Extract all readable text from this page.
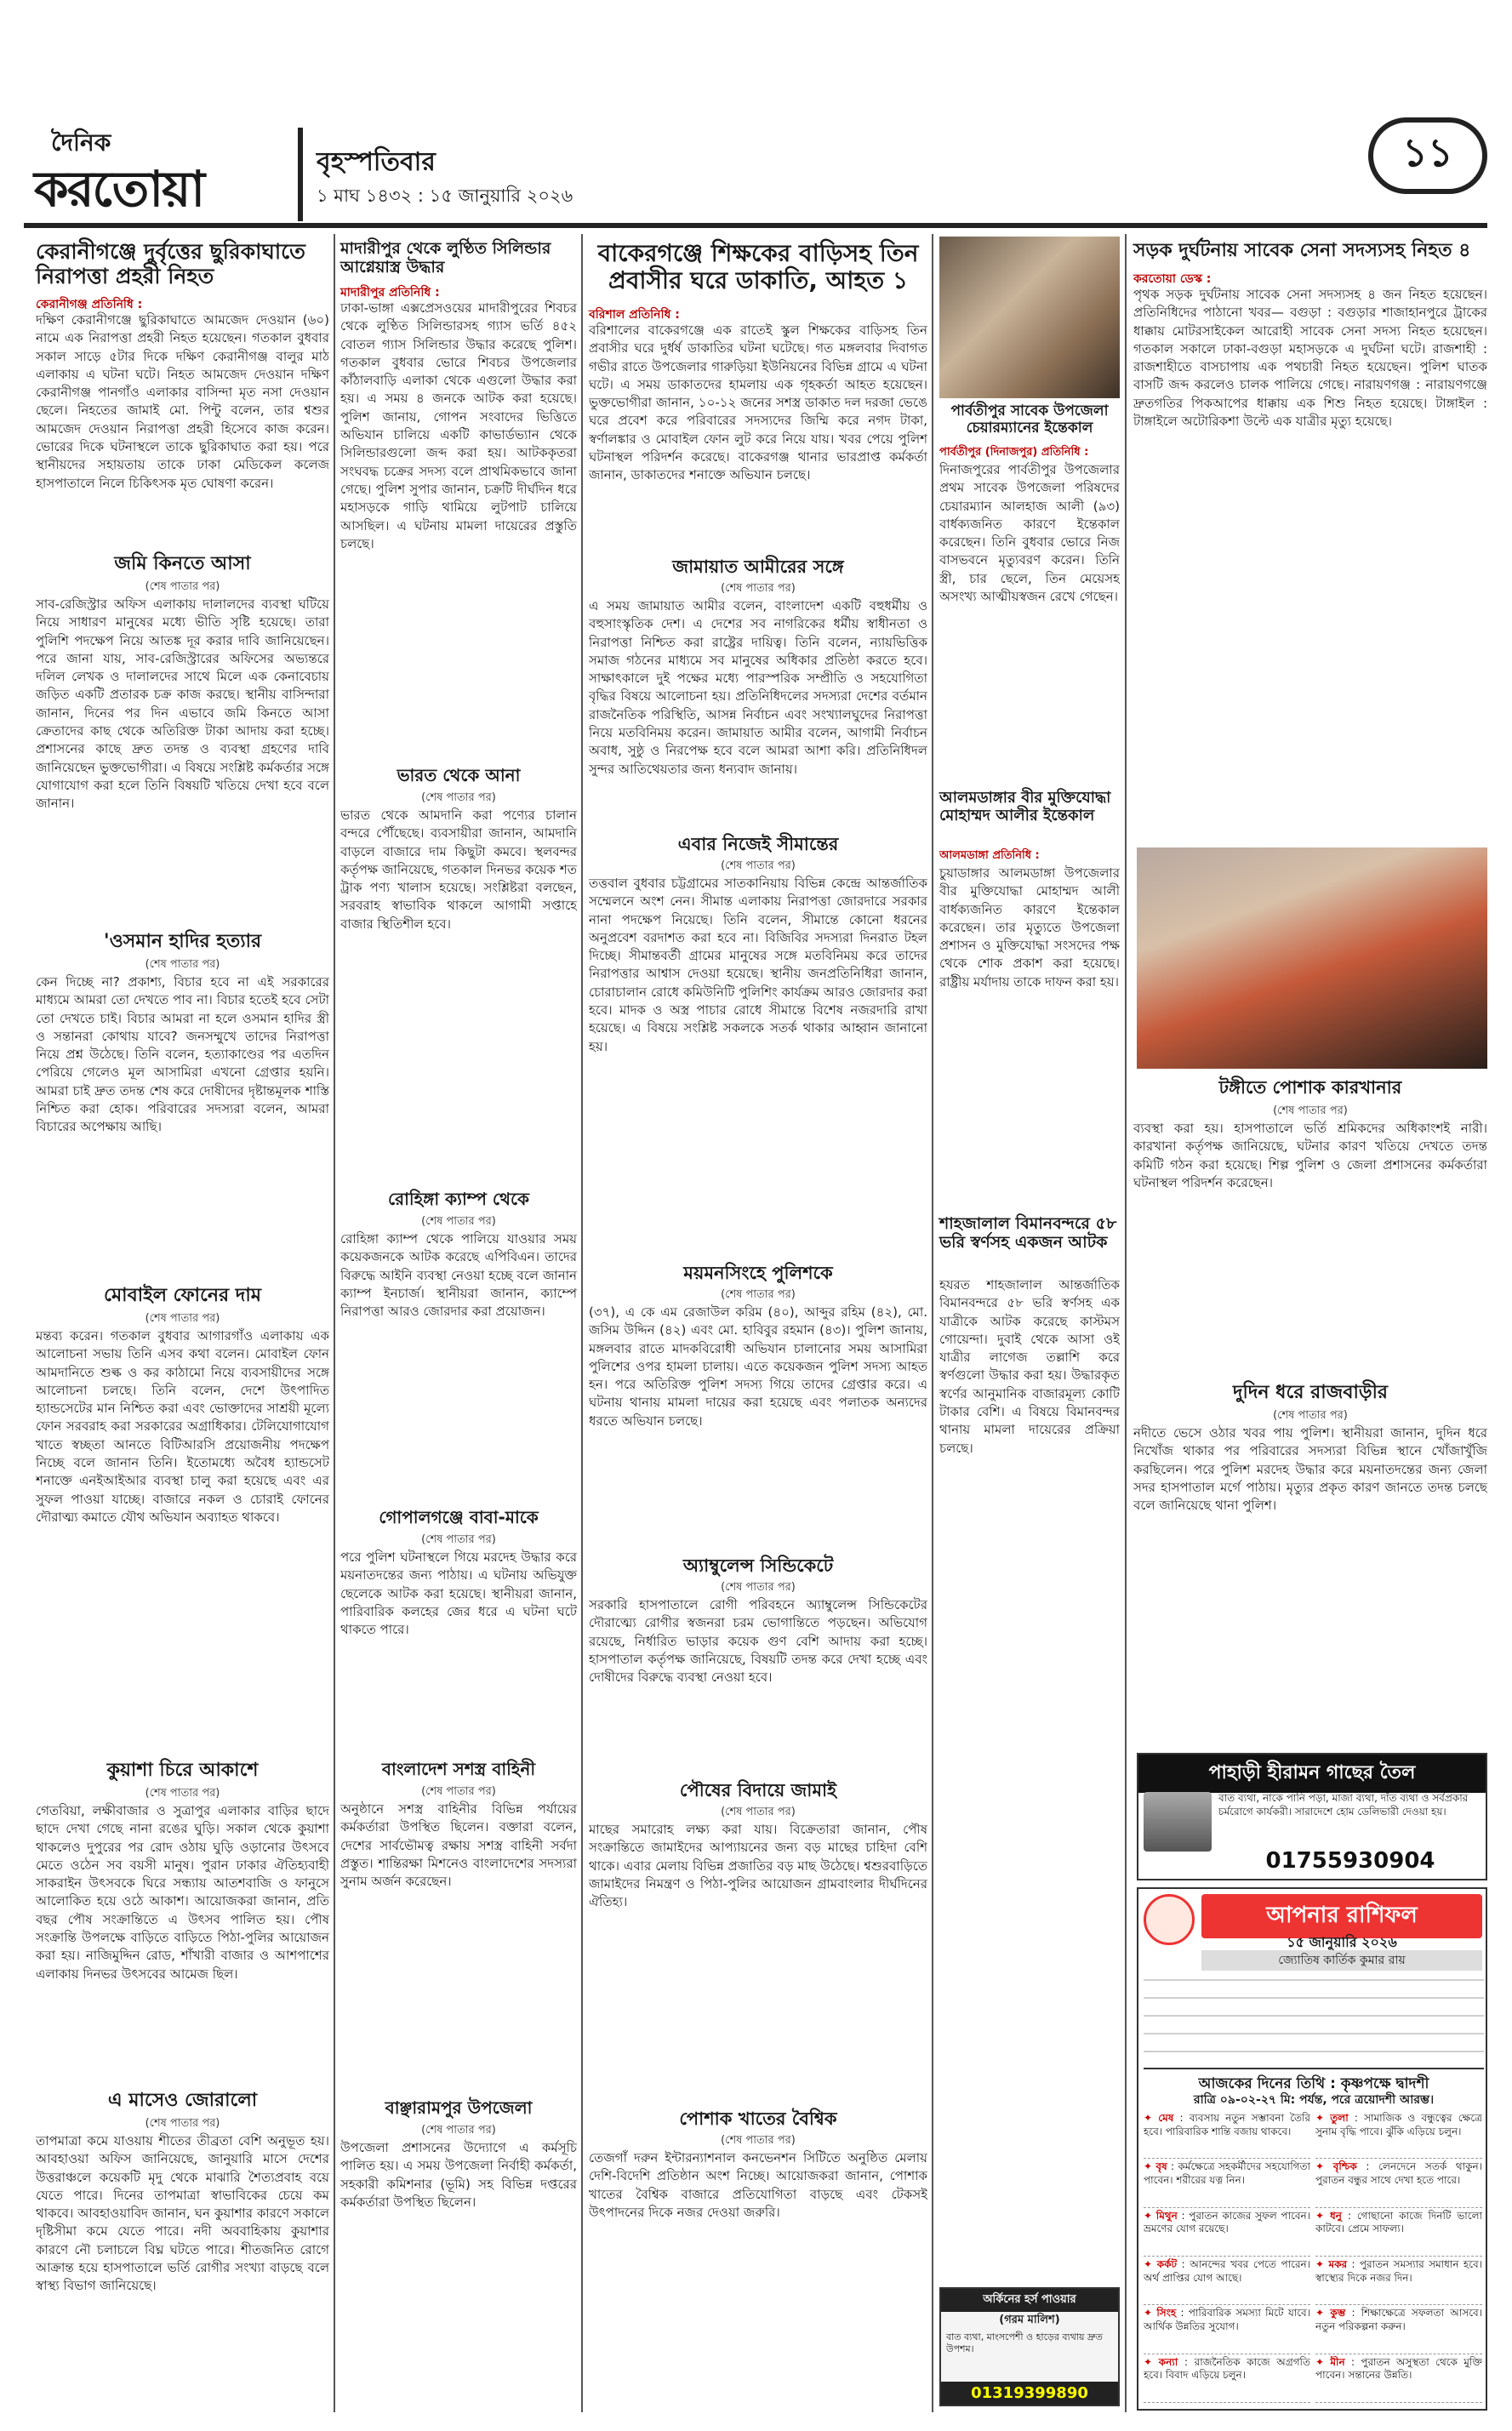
দৈনিক
করতোয়া	বৃহস্পতিবার
১ মাঘ ১৪৩২ : ১৫ জানুয়ারি ২০২৬
১১
কেরানীগঞ্জে দুর্বৃত্তের ছুরিকাঘাতে নিরাপত্তা প্রহরী নিহত
কেরানীগঞ্জ প্রতিনিধি :
দক্ষিণ কেরানীগঞ্জে ছুরিকাঘাতে আমজেদ দেওয়ান (৬০) নামে এক নিরাপত্তা প্রহরী নিহত হয়েছেন। গতকাল বুধবার সকাল সাড়ে ৫টার দিকে দক্ষিণ কেরানীগঞ্জ বালুর মাঠ এলাকায় এ ঘটনা ঘটে। নিহত আমজেদ দেওয়ান দক্ষিণ কেরানীগঞ্জ পানগাঁও এলাকার বাসিন্দা মৃত নসা দেওয়ান ছেলে। নিহতের জামাই মো. পিন্টু বলেন, তার শ্বশুর আমজেদ দেওয়ান নিরাপত্তা প্রহরী হিসেবে কাজ করেন। ভোরের দিকে ঘটনাস্থলে তাকে ছুরিকাঘাত করা হয়। পরে স্থানীয়দের সহায়তায় তাকে ঢাকা মেডিকেল কলেজ হাসপাতালে নিলে চিকিৎসক মৃত ঘোষণা করেন।
জমি কিনতে আসা
(শেষ পাতার পর)
সাব-রেজিস্ট্রার অফিস এলাকায় দালালদের ব্যবস্থা ঘটিয়ে নিয়ে সাধারণ মানুষের মধ্যে ভীতি সৃষ্টি হয়েছে। তারা পুলিশি পদক্ষেপ নিয়ে আতঙ্ক দূর করার দাবি জানিয়েছেন। পরে জানা যায়, সাব-রেজিস্ট্রারের অফিসের অভ্যন্তরে দলিল লেখক ও দালালদের সাথে মিলে এক কেনাবেচায় জড়িত একটি প্রতারক চক্র কাজ করছে। স্থানীয় বাসিন্দারা জানান, দিনের পর দিন এভাবে জমি কিনতে আসা ক্রেতাদের কাছ থেকে অতিরিক্ত টাকা আদায় করা হচ্ছে। প্রশাসনের কাছে দ্রুত তদন্ত ও ব্যবস্থা গ্রহণের দাবি জানিয়েছেন ভুক্তভোগীরা। এ বিষয়ে সংশ্লিষ্ট কর্মকর্তার সঙ্গে যোগাযোগ করা হলে তিনি বিষয়টি খতিয়ে দেখা হবে বলে জানান।
'ওসমান হাদির হত্যার
(শেষ পাতার পর)
কেন দিচ্ছে না? প্রকাশ্য, বিচার হবে না এই সরকারের মাধ্যমে আমরা তো দেখতে পাব না। বিচার হতেই হবে সেটা তো দেখতে চাই। বিচার আমরা না হলে ওসমান হাদির স্ত্রী ও সন্তানরা কোথায় যাবে? জনসম্মুখে তাদের নিরাপত্তা নিয়ে প্রশ্ন উঠেছে। তিনি বলেন, হত্যাকাণ্ডের পর এতদিন পেরিয়ে গেলেও মূল আসামিরা এখনো গ্রেপ্তার হয়নি। আমরা চাই দ্রুত তদন্ত শেষ করে দোষীদের দৃষ্টান্তমূলক শাস্তি নিশ্চিত করা হোক। পরিবারের সদস্যরা বলেন, আমরা বিচারের অপেক্ষায় আছি।
মোবাইল ফোনের দাম
(শেষ পাতার পর)
মন্তব্য করেন। গতকাল বুধবার আগারগাঁও এলাকায় এক আলোচনা সভায় তিনি এসব কথা বলেন। মোবাইল ফোন আমদানিতে শুল্ক ও কর কাঠামো নিয়ে ব্যবসায়ীদের সঙ্গে আলোচনা চলছে। তিনি বলেন, দেশে উৎপাদিত হ্যান্ডসেটের মান নিশ্চিত করা এবং ভোক্তাদের সাশ্রয়ী মূল্যে ফোন সরবরাহ করা সরকারের অগ্রাধিকার। টেলিযোগাযোগ খাতে স্বচ্ছতা আনতে বিটিআরসি প্রয়োজনীয় পদক্ষেপ নিচ্ছে বলে জানান তিনি। ইতোমধ্যে অবৈধ হ্যান্ডসেট শনাক্তে এনইআইআর ব্যবস্থা চালু করা হয়েছে এবং এর সুফল পাওয়া যাচ্ছে। বাজারে নকল ও চোরাই ফোনের দৌরাত্ম্য কমাতে যৌথ অভিযান অব্যাহত থাকবে।
কুয়াশা চিরে আকাশে
(শেষ পাতার পর)
গেতবিয়া, লক্ষীবাজার ও সুত্রাপুর এলাকার বাড়ির ছাদে ছাদে দেখা গেছে নানা রঙের ঘুড়ি। সকাল থেকে কুয়াশা থাকলেও দুপুরের পর রোদ ওঠায় ঘুড়ি ওড়ানোর উৎসবে মেতে ওঠেন সব বয়সী মানুষ। পুরান ঢাকার ঐতিহ্যবাহী সাকরাইন উৎসবকে ঘিরে সন্ধ্যায় আতশবাজি ও ফানুসে আলোকিত হয়ে ওঠে আকাশ। আয়োজকরা জানান, প্রতি বছর পৌষ সংক্রান্তিতে এ উৎসব পালিত হয়। পৌষ সংক্রান্তি উপলক্ষে বাড়িতে বাড়িতে পিঠা-পুলির আয়োজন করা হয়। নাজিমুদ্দিন রোড, শাঁখারী বাজার ও আশপাশের এলাকায় দিনভর উৎসবের আমেজ ছিল।
এ মাসেও জোরালো
(শেষ পাতার পর)
তাপমাত্রা কমে যাওয়ায় শীতের তীব্রতা বেশি অনুভূত হয়। আবহাওয়া অফিস জানিয়েছে, জানুয়ারি মাসে দেশের উত্তরাঞ্চলে কয়েকটি মৃদু থেকে মাঝারি শৈত্যপ্রবাহ বয়ে যেতে পারে। দিনের তাপমাত্রা স্বাভাবিকের চেয়ে কম থাকবে। আবহাওয়াবিদ জানান, ঘন কুয়াশার কারণে সকালে দৃষ্টিসীমা কমে যেতে পারে। নদী অববাহিকায় কুয়াশার কারণে নৌ চলাচলে বিঘ্ন ঘটতে পারে। শীতজনিত রোগে আক্রান্ত হয়ে হাসপাতালে ভর্তি রোগীর সংখ্যা বাড়ছে বলে স্বাস্থ্য বিভাগ জানিয়েছে।
মাদারীপুর থেকে লুণ্ঠিত সিলিন্ডার আগ্নেয়াস্ত্র উদ্ধার
মাদারীপুর প্রতিনিধি :
ঢাকা-ভাঙ্গা এক্সপ্রেসওয়ের মাদারীপুরের শিবচর থেকে লুণ্ঠিত সিলিন্ডারসহ গ্যাস ভর্তি ৪৫২ বোতল গ্যাস সিলিন্ডার উদ্ধার করেছে পুলিশ। গতকাল বুধবার ভোরে শিবচর উপজেলার কাঁঠালবাড়ি এলাকা থেকে এগুলো উদ্ধার করা হয়। এ সময় ৪ জনকে আটক করা হয়েছে। পুলিশ জানায়, গোপন সংবাদের ভিত্তিতে অভিযান চালিয়ে একটি কাভার্ডভ্যান থেকে সিলিন্ডারগুলো জব্দ করা হয়। আটককৃতরা সংঘবদ্ধ চক্রের সদস্য বলে প্রাথমিকভাবে জানা গেছে। পুলিশ সুপার জানান, চক্রটি দীর্ঘদিন ধরে মহাসড়কে গাড়ি থামিয়ে লুটপাট চালিয়ে আসছিল। এ ঘটনায় মামলা দায়েরের প্রস্তুতি চলছে।
ভারত থেকে আনা
(শেষ পাতার পর)
ভারত থেকে আমদানি করা পণ্যের চালান বন্দরে পৌঁছেছে। ব্যবসায়ীরা জানান, আমদানি বাড়লে বাজারে দাম কিছুটা কমবে। স্থলবন্দর কর্তৃপক্ষ জানিয়েছে, গতকাল দিনভর কয়েক শত ট্রাক পণ্য খালাস হয়েছে। সংশ্লিষ্টরা বলছেন, সরবরাহ স্বাভাবিক থাকলে আগামী সপ্তাহে বাজার স্থিতিশীল হবে।
রোহিঙ্গা ক্যাম্প থেকে
(শেষ পাতার পর)
রোহিঙ্গা ক্যাম্প থেকে পালিয়ে যাওয়ার সময় কয়েকজনকে আটক করেছে এপিবিএন। তাদের বিরুদ্ধে আইনি ব্যবস্থা নেওয়া হচ্ছে বলে জানান ক্যাম্প ইনচার্জ। স্থানীয়রা জানান, ক্যাম্পে নিরাপত্তা আরও জোরদার করা প্রয়োজন।
গোপালগঞ্জে বাবা-মাকে
(শেষ পাতার পর)
পরে পুলিশ ঘটনাস্থলে গিয়ে মরদেহ উদ্ধার করে ময়নাতদন্তের জন্য পাঠায়। এ ঘটনায় অভিযুক্ত ছেলেকে আটক করা হয়েছে। স্থানীয়রা জানান, পারিবারিক কলহের জের ধরে এ ঘটনা ঘটে থাকতে পারে।
বাংলাদেশ সশস্ত্র বাহিনী
(শেষ পাতার পর)
অনুষ্ঠানে সশস্ত্র বাহিনীর বিভিন্ন পর্যায়ের কর্মকর্তারা উপস্থিত ছিলেন। বক্তারা বলেন, দেশের সার্বভৌমত্ব রক্ষায় সশস্ত্র বাহিনী সর্বদা প্রস্তুত। শান্তিরক্ষা মিশনেও বাংলাদেশের সদস্যরা সুনাম অর্জন করেছেন।
বাঞ্ছারামপুর উপজেলা
(শেষ পাতার পর)
উপজেলা প্রশাসনের উদ্যোগে এ কর্মসূচি পালিত হয়। এ সময় উপজেলা নির্বাহী কর্মকর্তা, সহকারী কমিশনার (ভূমি) সহ বিভিন্ন দপ্তরের কর্মকর্তারা উপস্থিত ছিলেন।
বাকেরগঞ্জে শিক্ষকের বাড়িসহ তিন প্রবাসীর ঘরে ডাকাতি, আহত ১
বরিশাল প্রতিনিধি :
বরিশালের বাকেরগঞ্জে এক রাতেই স্কুল শিক্ষকের বাড়িসহ তিন প্রবাসীর ঘরে দুর্ধর্ষ ডাকাতির ঘটনা ঘটেছে। গত মঙ্গলবার দিবাগত গভীর রাতে উপজেলার গারুড়িয়া ইউনিয়নের বিভিন্ন গ্রামে এ ঘটনা ঘটে। এ সময় ডাকাতদের হামলায় এক গৃহকর্তা আহত হয়েছেন। ভুক্তভোগীরা জানান, ১০-১২ জনের সশস্ত্র ডাকাত দল দরজা ভেঙে ঘরে প্রবেশ করে পরিবারের সদস্যদের জিম্মি করে নগদ টাকা, স্বর্ণালঙ্কার ও মোবাইল ফোন লুট করে নিয়ে যায়। খবর পেয়ে পুলিশ ঘটনাস্থল পরিদর্শন করেছে। বাকেরগঞ্জ থানার ভারপ্রাপ্ত কর্মকর্তা জানান, ডাকাতদের শনাক্তে অভিযান চলছে।
জামায়াত আমীরের সঙ্গে
(শেষ পাতার পর)
এ সময় জামায়াত আমীর বলেন, বাংলাদেশ একটি বহুধর্মীয় ও বহুসাংস্কৃতিক দেশ। এ দেশের সব নাগরিকের ধর্মীয় স্বাধীনতা ও নিরাপত্তা নিশ্চিত করা রাষ্ট্রের দায়িত্ব। তিনি বলেন, ন্যায়ভিত্তিক সমাজ গঠনের মাধ্যমে সব মানুষের অধিকার প্রতিষ্ঠা করতে হবে। সাক্ষাৎকালে দুই পক্ষের মধ্যে পারস্পরিক সম্প্রীতি ও সহযোগিতা বৃদ্ধির বিষয়ে আলোচনা হয়। প্রতিনিধিদলের সদস্যরা দেশের বর্তমান রাজনৈতিক পরিস্থিতি, আসন্ন নির্বাচন এবং সংখ্যালঘুদের নিরাপত্তা নিয়ে মতবিনিময় করেন। জামায়াত আমীর বলেন, আগামী নির্বাচন অবাধ, সুষ্ঠু ও নিরপেক্ষ হবে বলে আমরা আশা করি। প্রতিনিধিদল সুন্দর আতিথেয়তার জন্য ধন্যবাদ জানায়।
এবার নিজেই সীমান্তের
(শেষ পাতার পর)
তত্তবাল বুধবার চট্টগ্রামের সাতকানিয়ায় বিভিন্ন কেন্দ্রে আন্তর্জাতিক সম্মেলনে অংশ নেন। সীমান্ত এলাকায় নিরাপত্তা জোরদারে সরকার নানা পদক্ষেপ নিয়েছে। তিনি বলেন, সীমান্তে কোনো ধরনের অনুপ্রবেশ বরদাশত করা হবে না। বিজিবির সদস্যরা দিনরাত টহল দিচ্ছে। সীমান্তবর্তী গ্রামের মানুষের সঙ্গে মতবিনিময় করে তাদের নিরাপত্তার আশ্বাস দেওয়া হয়েছে। স্থানীয় জনপ্রতিনিধিরা জানান, চোরাচালান রোধে কমিউনিটি পুলিশিং কার্যক্রম আরও জোরদার করা হবে। মাদক ও অস্ত্র পাচার রোধে সীমান্তে বিশেষ নজরদারি রাখা হয়েছে। এ বিষয়ে সংশ্লিষ্ট সকলকে সতর্ক থাকার আহ্বান জানানো হয়।
ময়মনসিংহে পুলিশকে
(শেষ পাতার পর)
(৩৭), এ কে এম রেজাউল করিম (৪০), আব্দুর রহিম (৪২), মো. জসিম উদ্দিন (৪২) এবং মো. হাবিবুর রহমান (৪৩)। পুলিশ জানায়, মঙ্গলবার রাতে মাদকবিরোধী অভিযান চালানোর সময় আসামিরা পুলিশের ওপর হামলা চালায়। এতে কয়েকজন পুলিশ সদস্য আহত হন। পরে অতিরিক্ত পুলিশ সদস্য গিয়ে তাদের গ্রেপ্তার করে। এ ঘটনায় থানায় মামলা দায়ের করা হয়েছে এবং পলাতক অন্যদের ধরতে অভিযান চলছে।
অ্যাম্বুলেন্স সিন্ডিকেটে
(শেষ পাতার পর)
সরকারি হাসপাতালে রোগী পরিবহনে অ্যাম্বুলেন্স সিন্ডিকেটের দৌরাত্ম্যে রোগীর স্বজনরা চরম ভোগান্তিতে পড়ছেন। অভিযোগ রয়েছে, নির্ধারিত ভাড়ার কয়েক গুণ বেশি আদায় করা হচ্ছে। হাসপাতাল কর্তৃপক্ষ জানিয়েছে, বিষয়টি তদন্ত করে দেখা হচ্ছে এবং দোষীদের বিরুদ্ধে ব্যবস্থা নেওয়া হবে।
পৌষের বিদায়ে জামাই
(শেষ পাতার পর)
মাছের সমারোহ লক্ষ্য করা যায়। বিক্রেতারা জানান, পৌষ সংক্রান্তিতে জামাইদের আপ্যায়নের জন্য বড় মাছের চাহিদা বেশি থাকে। এবার মেলায় বিভিন্ন প্রজাতির বড় মাছ উঠেছে। শ্বশুরবাড়িতে জামাইদের নিমন্ত্রণ ও পিঠা-পুলির আয়োজন গ্রামবাংলার দীর্ঘদিনের ঐতিহ্য।
পোশাক খাতের বৈশ্বিক
(শেষ পাতার পর)
তেজগাঁ দরুন ইন্টারন্যাশনাল কনভেনশন সিটিতে অনুষ্ঠিত মেলায় দেশি-বিদেশি প্রতিষ্ঠান অংশ নিচ্ছে। আয়োজকরা জানান, পোশাক খাতের বৈশ্বিক বাজারে প্রতিযোগিতা বাড়ছে এবং টেকসই উৎপাদনের দিকে নজর দেওয়া জরুরি।
পার্বতীপুর সাবেক উপজেলা চেয়ারম্যানের ইন্তেকাল
পার্বতীপুর (দিনাজপুর) প্রতিনিধি :
দিনাজপুরের পার্বতীপুর উপজেলার প্রথম সাবেক উপজেলা পরিষদের চেয়ারম্যান আলহাজ আলী (৯৩) বার্ধক্যজনিত কারণে ইন্তেকাল করেছেন। তিনি বুধবার ভোরে নিজ বাসভবনে মৃত্যুবরণ করেন। তিনি স্ত্রী, চার ছেলে, তিন মেয়েসহ অসংখ্য আত্মীয়স্বজন রেখে গেছেন।
আলমডাঙ্গার বীর মুক্তিযোদ্ধা মোহাম্মদ আলীর ইন্তেকাল
আলমডাঙ্গা প্রতিনিধি :
চুয়াডাঙ্গার আলমডাঙ্গা উপজেলার বীর মুক্তিযোদ্ধা মোহাম্মদ আলী বার্ধক্যজনিত কারণে ইন্তেকাল করেছেন। তার মৃত্যুতে উপজেলা প্রশাসন ও মুক্তিযোদ্ধা সংসদের পক্ষ থেকে শোক প্রকাশ করা হয়েছে। রাষ্ট্রীয় মর্যাদায় তাকে দাফন করা হয়।
শাহজালাল বিমানবন্দরে ৫৮ ভরি স্বর্ণসহ একজন আটক
হযরত শাহজালাল আন্তর্জাতিক বিমানবন্দরে ৫৮ ভরি স্বর্ণসহ এক যাত্রীকে আটক করেছে কাস্টমস গোয়েন্দা। দুবাই থেকে আসা ওই যাত্রীর লাগেজ তল্লাশি করে স্বর্ণগুলো উদ্ধার করা হয়। উদ্ধারকৃত স্বর্ণের আনুমানিক বাজারমূল্য কোটি টাকার বেশি। এ বিষয়ে বিমানবন্দর থানায় মামলা দায়েরের প্রক্রিয়া চলছে।
অর্কিনের হর্স পাওয়ার
(গরম মালিশ)
বাত ব্যথা, মাংসপেশী ও হাড়ের ব্যথায় দ্রুত উপশম।
01319399890
সড়ক দুর্ঘটনায় সাবেক সেনা সদস্যসহ নিহত ৪
করতোয়া ডেস্ক :
পৃথক সড়ক দুর্ঘটনায় সাবেক সেনা সদস্যসহ ৪ জন নিহত হয়েছেন। প্রতিনিধিদের পাঠানো খবর— বগুড়া : বগুড়ার শাজাহানপুরে ট্রাকের ধাক্কায় মোটরসাইকেল আরোহী সাবেক সেনা সদস্য নিহত হয়েছেন। গতকাল সকালে ঢাকা-বগুড়া মহাসড়কে এ দুর্ঘটনা ঘটে। রাজশাহী : রাজশাহীতে বাসচাপায় এক পথচারী নিহত হয়েছেন। পুলিশ ঘাতক বাসটি জব্দ করলেও চালক পালিয়ে গেছে। নারায়ণগঞ্জ : নারায়ণগঞ্জে দ্রুতগতির পিকআপের ধাক্কায় এক শিশু নিহত হয়েছে। টাঙ্গাইল : টাঙ্গাইলে অটোরিকশা উল্টে এক যাত্রীর মৃত্যু হয়েছে।
টঙ্গীতে পোশাক কারখানার
(শেষ পাতার পর)
ব্যবস্থা করা হয়। হাসপাতালে ভর্তি শ্রমিকদের অধিকাংশই নারী। কারখানা কর্তৃপক্ষ জানিয়েছে, ঘটনার কারণ খতিয়ে দেখতে তদন্ত কমিটি গঠন করা হয়েছে। শিল্প পুলিশ ও জেলা প্রশাসনের কর্মকর্তারা ঘটনাস্থল পরিদর্শন করেছেন।
দুদিন ধরে রাজবাড়ীর
(শেষ পাতার পর)
নদীতে ভেসে ওঠার খবর পায় পুলিশ। স্থানীয়রা জানান, দুদিন ধরে নিখোঁজ থাকার পর পরিবারের সদস্যরা বিভিন্ন স্থানে খোঁজাখুঁজি করছিলেন। পরে পুলিশ মরদেহ উদ্ধার করে ময়নাতদন্তের জন্য জেলা সদর হাসপাতাল মর্গে পাঠায়। মৃত্যুর প্রকৃত কারণ জানতে তদন্ত চলছে বলে জানিয়েছে থানা পুলিশ।
পাহাড়ী হীরামন গাছের তৈল
বাত ব্যথা, নাকে পানি পড়া, মাজা ব্যথা, দাঁত ব্যথা ও সর্বপ্রকার চর্মরোগে কার্যকরী। সারাদেশে হোম ডেলিভারী দেওয়া হয়।
01755930904
আপনার রাশিফল
১৫ জানুয়ারি ২০২৬
জ্যোতিষ কার্তিক কুমার রায়
আজকের দিনের তিথি : কৃষ্ণপক্ষে দ্বাদশী
রাত্রি ০৯-০২-২৭ মি: পর্যন্ত, পরে ত্রয়োদশী আরম্ভ।
✦ মেষ : ব্যবসায় নতুন সম্ভাবনা তৈরি হবে। পারিবারিক শান্তি বজায় থাকবে।
✦ তুলা : সামাজিক ও বন্ধুত্বের ক্ষেত্রে সুনাম বৃদ্ধি পাবে। ঝুঁকি এড়িয়ে চলুন।
✦ বৃষ : কর্মক্ষেত্রে সহকর্মীদের সহযোগিতা পাবেন। শরীরের যত্ন নিন।
✦ বৃশ্চিক : লেনদেনে সতর্ক থাকুন। পুরাতন বন্ধুর সাথে দেখা হতে পারে।
✦ মিথুন : পুরাতন কাজের সুফল পাবেন। ভ্রমণের যোগ রয়েছে।
✦ ধনু : গোছানো কাজে দিনটি ভালো কাটবে। প্রেমে সাফল্য।
✦ কর্কট : আনন্দের খবর পেতে পারেন। অর্থ প্রাপ্তির যোগ আছে।
✦ মকর : পুরাতন সমস্যার সমাধান হবে। স্বাস্থ্যের দিকে নজর দিন।
✦ সিংহ : পারিবারিক সমস্যা মিটে যাবে। আর্থিক উন্নতির সুযোগ।
✦ কুম্ভ : শিক্ষাক্ষেত্রে সফলতা আসবে। নতুন পরিকল্পনা করুন।
✦ কন্যা : রাজনৈতিক কাজে অগ্রগতি হবে। বিবাদ এড়িয়ে চলুন।
✦ মীন : পুরাতন অসুস্থতা থেকে মুক্তি পাবেন। সন্তানের উন্নতি।
